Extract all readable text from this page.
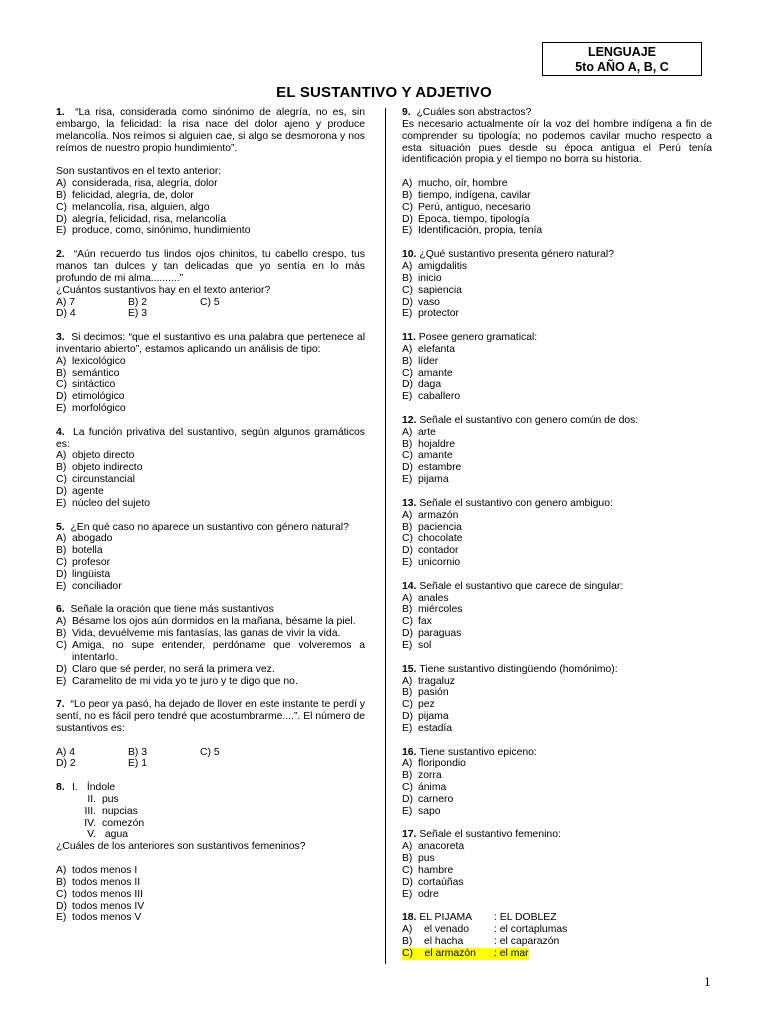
LENGUAJE
5to AÑO A, B, C
EL SUSTANTIVO Y ADJETIVO
1. “La risa, considerada como sinónimo de alegría, no es, sin embargo, la felicidad: la risa nace del dolor ajeno y produce melancolía. Nos reímos si alguien cae, si algo se desmorona y nos reímos de nuestro propio hundimiento”.
Son sustantivos en el texto anterior:
A) considerada, risa, alegría, dolor
B) felicidad, alegría, de, dolor
C) melancolía, risa, alguien, algo
D) alegría, felicidad, risa, melancolía
E) produce, como, sinónimo, hundimiento
2. “Aún recuerdo tus lindos ojos chinitos, tu cabello crespo, tus manos tan dulces y tan delicadas que yo sentía en lo más profundo de mi alma..........”
¿Cuántos sustantivos hay en el texto anterior?
A) 7	B) 2	C) 5
D) 4	E) 3
3. Si decimos: “que el sustantivo es una palabra que pertenece al inventario abierto”, estamos aplicando un análisis de tipo:
A) lexicológico
B) semántico
C) sintáctico
D) etimológico
E) morfológico
4. La función privativa del sustantivo, según algunos gramáticos es:
A) objeto directo
B) objeto indirecto
C) circunstancial
D) agente
E) núcleo del sujeto
5. ¿En qué caso no aparece un sustantivo con género natural?
A) abogado
B) botella
C) profesor
D) lingüista
E) conciliador
6. Señale la oración que tiene más sustantivos
A) Bésame los ojos aún dormidos en la mañana, bésame la piel.
B) Vida, devuélveme mis fantasías, las ganas de vivir la vida.
C) Amiga, no supe entender, perdóname que volveremos a intentarlo.
D) Claro que sé perder, no será la primera vez.
E) Caramelito de mi vida yo te juro y te digo que no.
7. “Lo peor ya pasó, ha dejado de llover en este instante te perdí y sentí, no es fácil pero tendré que acostumbrarme....”. El número de sustantivos es:
A) 4	B) 3	C) 5
D) 2	E) 1
8. I.
Índole
II. pus
III. nupcias
IV. comezón
V. agua
¿Cuáles de los anteriores son sustantivos femeninos?
A) todos menos I
B) todos menos II
C) todos menos III
D) todos menos IV
E) todos menos V
9. ¿Cuáles son abstractos?
Es necesario actualmente oír la voz del hombre indígena a fin de comprender su tipología; no podemos cavilar mucho respecto a esta situación pues desde su época antigua el Perú tenía identificación propia y el tiempo no borra su historia.
A) mucho, oír, hombre
B) tiempo, indígena, cavilar
C) Perú, antiguo, necesario
D) Época, tiempo, tipología
E) Identificación, propia, tenía
10. ¿Qué sustantivo presenta género natural?
A) amigdalitis
B) inicio
C) sapiencia
D) vaso
E) protector
11. Posee genero gramatical:
A) elefanta
B) líder
C) amante
D) daga
E) caballero
12. Señale el sustantivo con genero común de dos:
A) arte
B) hojaldre
C) amante
D) estambre
E) pijama
13. Señale el sustantivo con genero ambiguo:
A) armazón
B) paciencia
C) chocolate
D) contador
E) unicornio
14. Señale el sustantivo que carece de singular:
A) anales
B) miércoles
C) fax
D) paraguas
E) sol
15. Tiene sustantivo distingüendo (homónimo):
A) tragaluz
B) pasión
C) pez
D) pijama
E) estadía
16. Tiene sustantivo epiceno:
A) floripondio
B) zorra
C) ánima
D) carnero
E) sapo
17. Señale el sustantivo femenino:
A) anacoreta
B) pus
C) hambre
D) cortaúñas
E) odre
18. EL PIJAMA	: EL DOBLEZ
A)    el venado	: el cortaplumas
B)    el hacha	: el caparazón
C)    el armazón	: el mar
1
